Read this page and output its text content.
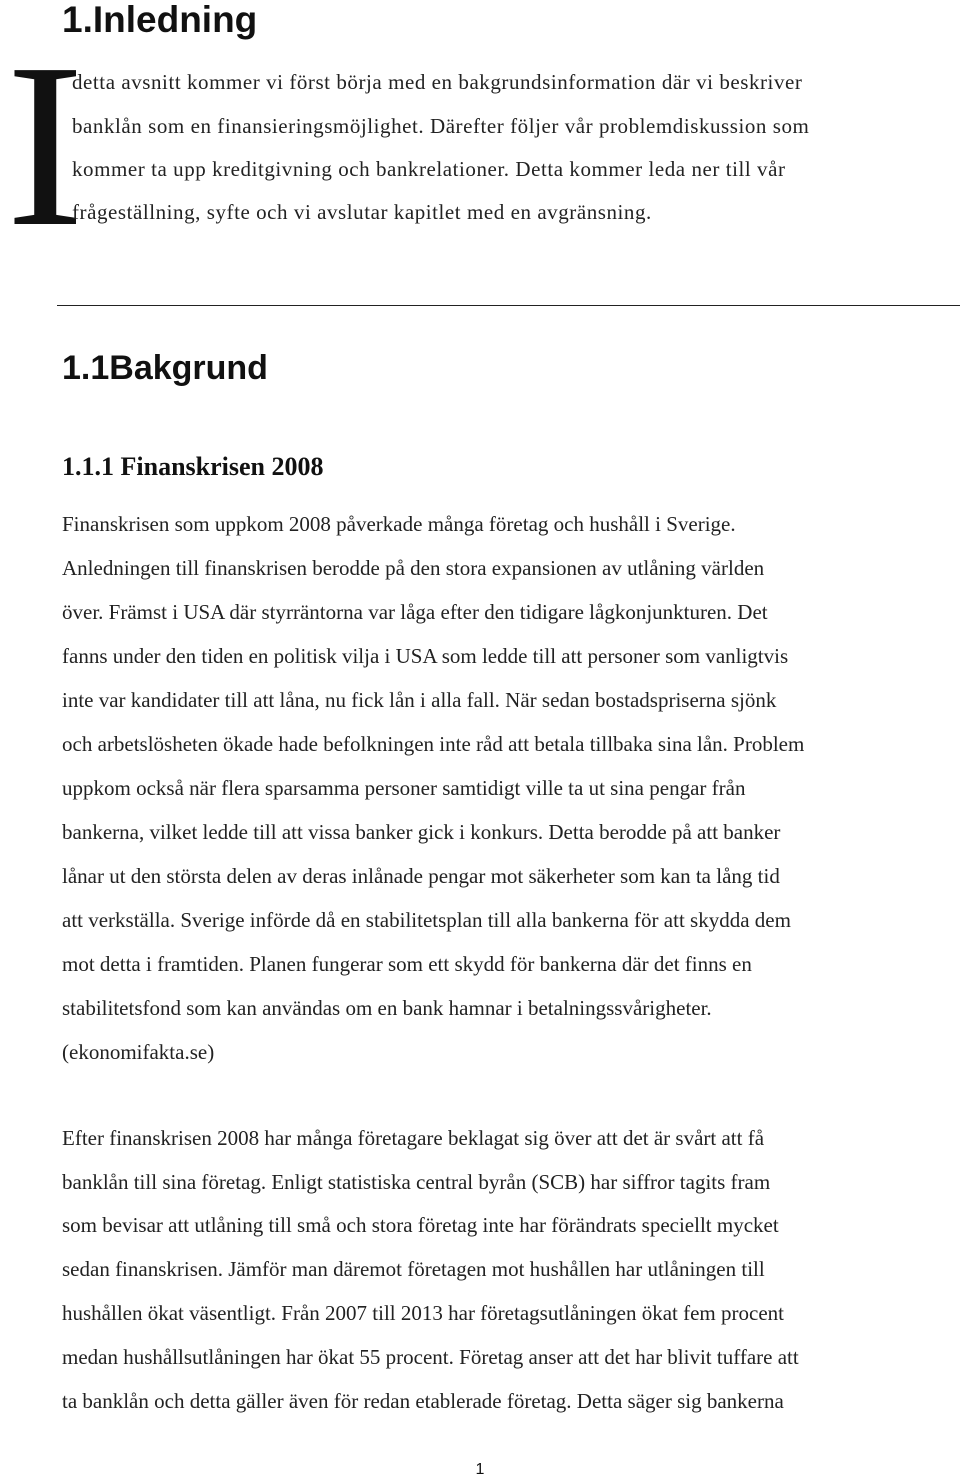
1.Inledning
I
detta avsnitt kommer vi först börja med en bakgrundsinformation där vi beskriver
banklån som en finansieringsmöjlighet. Därefter följer vår problemdiskussion som
kommer ta upp kreditgivning och bankrelationer. Detta kommer leda ner till vår
frågeställning, syfte och vi avslutar kapitlet med en avgränsning.
1.1Bakgrund
1.1.1 Finanskrisen 2008
Finanskrisen som uppkom 2008 påverkade många företag och hushåll i Sverige.
Anledningen till finanskrisen berodde på den stora expansionen av utlåning världen
över. Främst i USA där styrräntorna var låga efter den tidigare lågkonjunkturen. Det
fanns under den tiden en politisk vilja i USA som ledde till att personer som vanligtvis
inte var kandidater till att låna, nu fick lån i alla fall. När sedan bostadspriserna sjönk
och arbetslösheten ökade hade befolkningen inte råd att betala tillbaka sina lån. Problem
uppkom också när flera sparsamma personer samtidigt ville ta ut sina pengar från
bankerna, vilket ledde till att vissa banker gick i konkurs. Detta berodde på att banker
lånar ut den största delen av deras inlånade pengar mot säkerheter som kan ta lång tid
att verkställa. Sverige införde då en stabilitetsplan till alla bankerna för att skydda dem
mot detta i framtiden. Planen fungerar som ett skydd för bankerna där det finns en
stabilitetsfond som kan användas om en bank hamnar i betalningssvårigheter.
(ekonomifakta.se)
Efter finanskrisen 2008 har många företagare beklagat sig över att det är svårt att få
banklån till sina företag. Enligt statistiska central byrån (SCB) har siffror tagits fram
som bevisar att utlåning till små och stora företag inte har förändrats speciellt mycket
sedan finanskrisen. Jämför man däremot företagen mot hushållen har utlåningen till
hushållen ökat väsentligt. Från 2007 till 2013 har företagsutlåningen ökat fem procent
medan hushållsutlåningen har ökat 55 procent. Företag anser att det har blivit tuffare att
ta banklån och detta gäller även för redan etablerade företag. Detta säger sig bankerna
1
